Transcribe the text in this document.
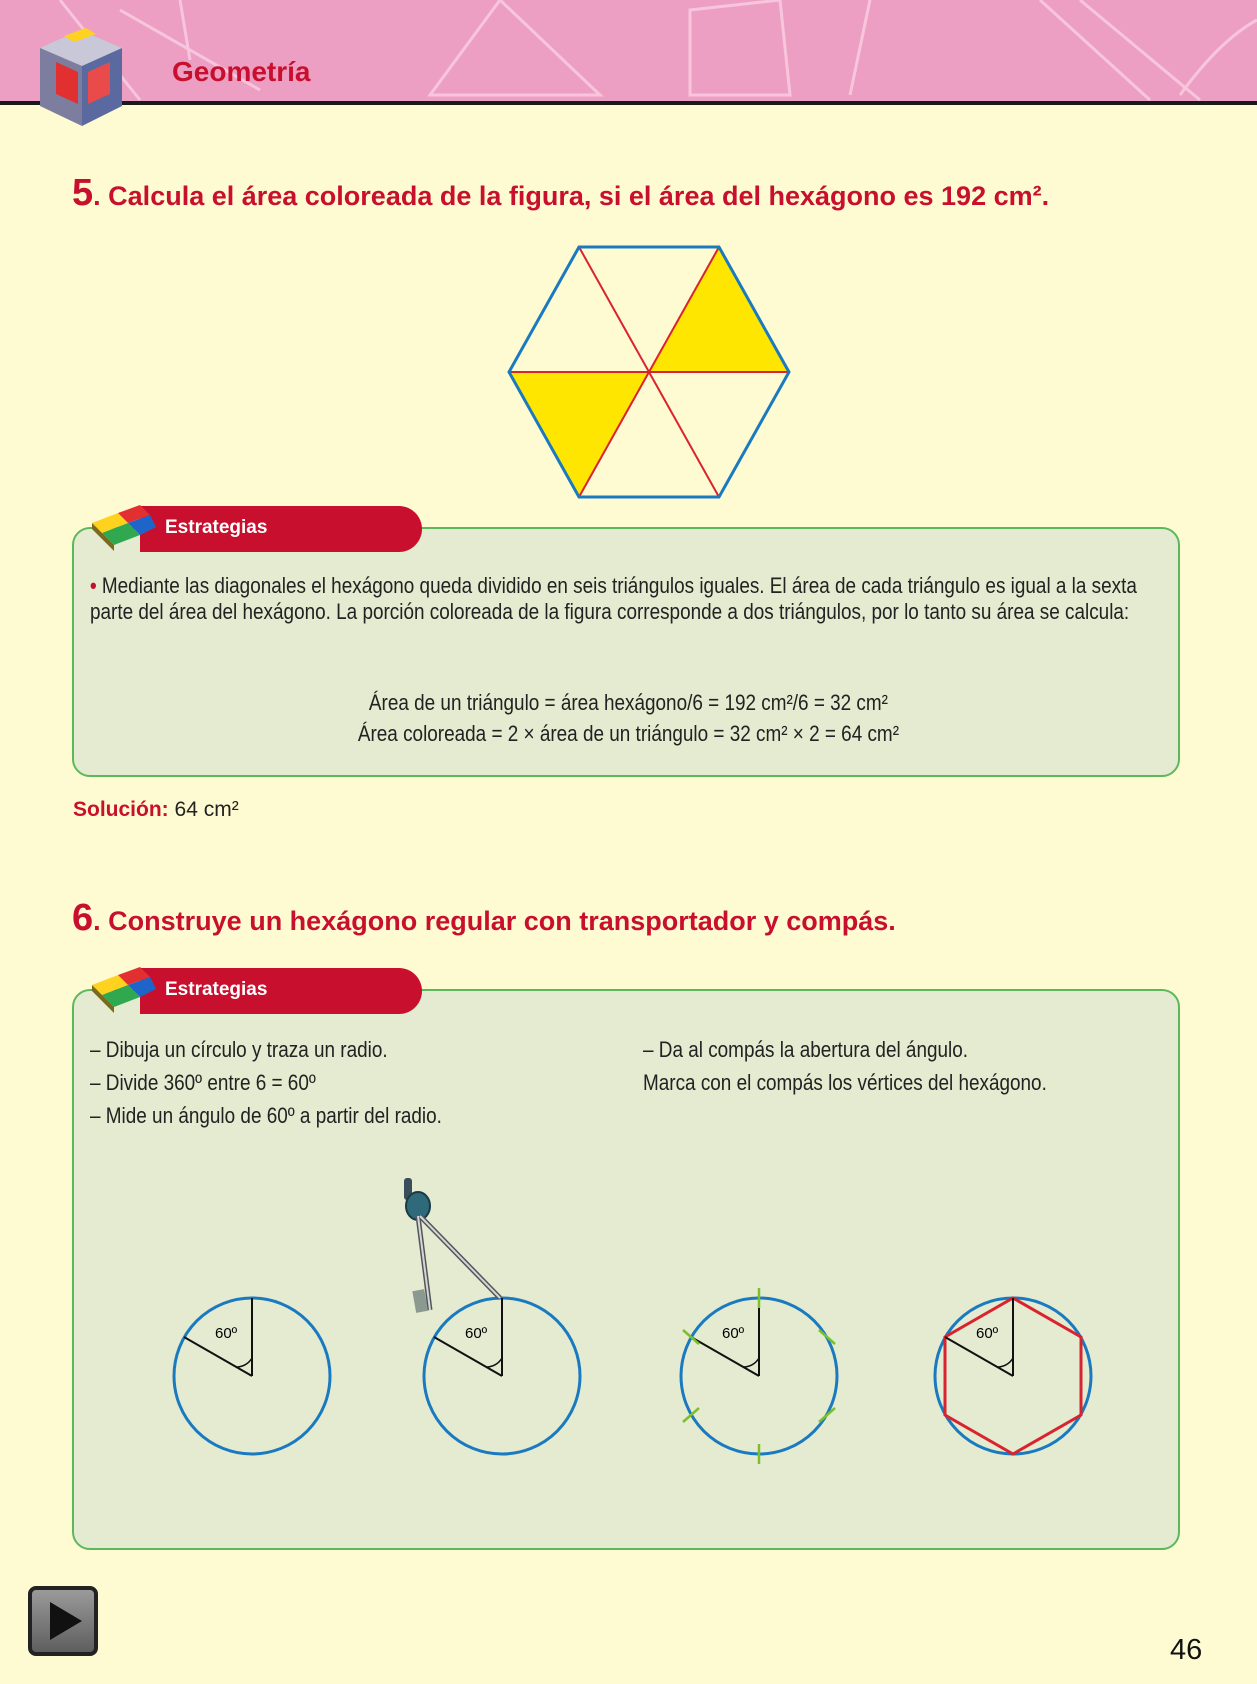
Geometría
5. Calcula el área coloreada de la figura, si el área del hexágono es 192 cm².
Estrategias
• Mediante las diagonales el hexágono queda dividido en seis triángulos iguales. El área de cada triángulo es igual a la sexta parte del área del hexágono. La porción coloreada de la figura corresponde a dos triángulos, por lo tanto su área se calcula:
Área de un triángulo = área hexágono/6 = 192 cm²/6 = 32 cm²
Área coloreada = 2 × área de un triángulo = 32 cm² × 2 = 64 cm²
Solución: 64 cm²
6. Construye un hexágono regular con transportador y compás.
Estrategias
– Dibuja un círculo y traza un radio.
– Divide 360º entre 6 = 60º
– Mide un ángulo de 60º a partir del radio.
– Da al compás la abertura del ángulo.
Marca con el compás los vértices del hexágono.
60º	60º	60º	60º
46
